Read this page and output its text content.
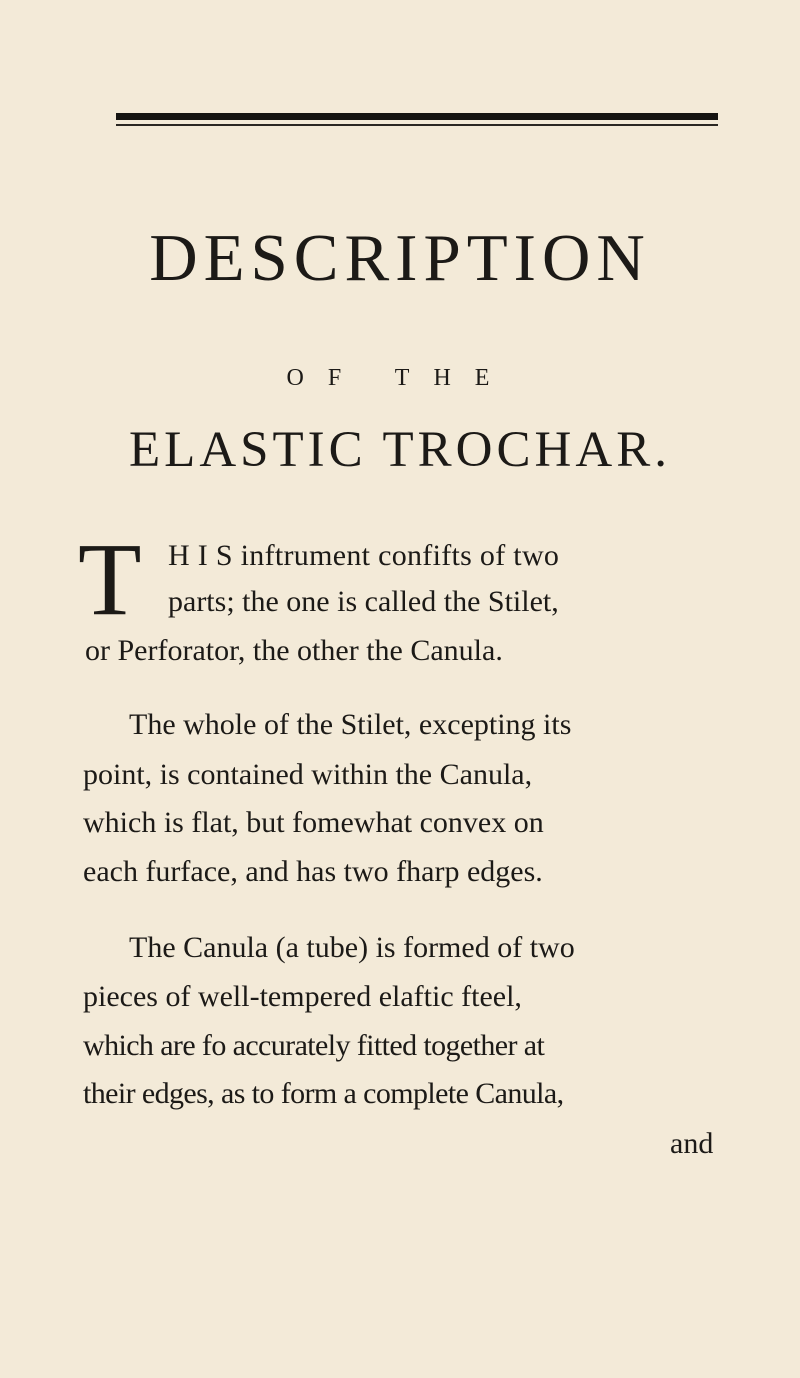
DESCRIPTION
OF THE
ELASTIC TROCHAR.
T H I S inftrument confifts of two
parts; the one is called the Stilet,
or Perforator, the other the Canula.
The whole of the Stilet, excepting its
point, is contained within the Canula,
which is flat, but fomewhat convex on
each furface, and has two fharp edges.
The Canula (a tube) is formed of two
pieces of well-tempered elaftic fteel,
which are fo accurately fitted together at
their edges, as to form a complete Canula,
and
